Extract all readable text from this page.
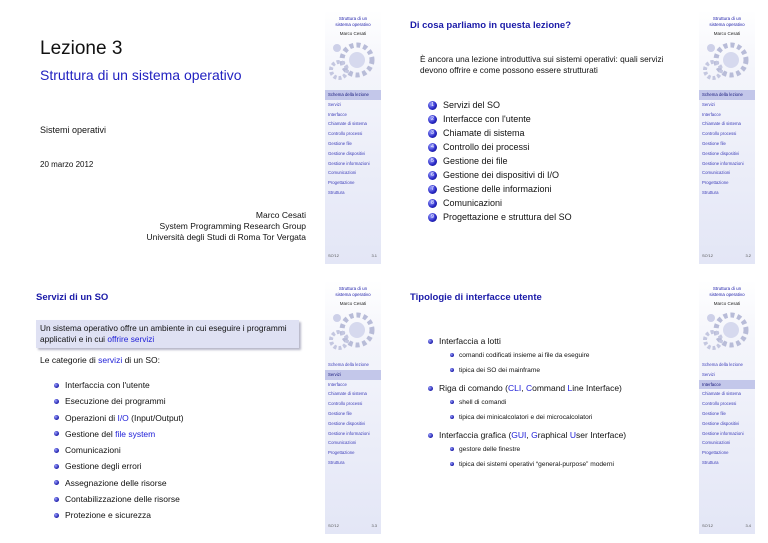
Lezione 3
Struttura di un sistema operativo
Sistemi operativi
20 marzo 2012
Marco Cesati
System Programming Research Group
Università degli Studi di Roma Tor Vergata
Struttura di un
sistema operativo
Marco Cesati
Schema della lezione
Servizi
Interfacce
Chiamate di sistema
Controllo processi
Gestione file
Gestione dispositivi
Gestione informazioni
Comunicazioni
Progettazione
Struttura
SO'12	3.1
Di cosa parliamo in questa lezione?
È ancora una lezione introduttiva sui sistemi operativi: quali servizi devono offrire e come possono essere strutturati
1	Servizi del SO
2	Interfacce con l'utente
3	Chiamate di sistema
4	Controllo dei processi
5	Gestione dei file
6	Gestione dei dispositivi di I/O
7	Gestione delle informazioni
8	Comunicazioni
9	Progettazione e struttura del SO
Struttura di un
sistema operativo
Marco Cesati
Schema della lezione
Servizi
Interfacce
Chiamate di sistema
Controllo processi
Gestione file
Gestione dispositivi
Gestione informazioni
Comunicazioni
Progettazione
Struttura
SO'12	3.2
Servizi di un SO
Un sistema operativo offre un ambiente in cui eseguire i programmi applicativi e in cui offrire servizi
Le categorie di servizi di un SO:
Interfaccia con l'utente
Esecuzione dei programmi
Operazioni di I/O (Input/Output)
Gestione del file system
Comunicazioni
Gestione degli errori
Assegnazione delle risorse
Contabilizzazione delle risorse
Protezione e sicurezza
Struttura di un
sistema operativo
Marco Cesati
Schema della lezione
Servizi
Interfacce
Chiamate di sistema
Controllo processi
Gestione file
Gestione dispositivi
Gestione informazioni
Comunicazioni
Progettazione
Struttura
SO'12	3.3
Tipologie di interfacce utente
Interfaccia a lotti
comandi codificati insieme ai file da eseguire
tipica dei SO dei mainframe
Riga di comando (CLI, Command Line Interface)
shell di comandi
tipica dei minicalcolatori e dei microcalcolatori
Interfaccia grafica (GUI, Graphical User Interface)
gestore delle finestre
tipica dei sistemi operativi “general-purpose” moderni
Struttura di un
sistema operativo
Marco Cesati
Schema della lezione
Servizi
Interfacce
Chiamate di sistema
Controllo processi
Gestione file
Gestione dispositivi
Gestione informazioni
Comunicazioni
Progettazione
Struttura
SO'12	3.4
